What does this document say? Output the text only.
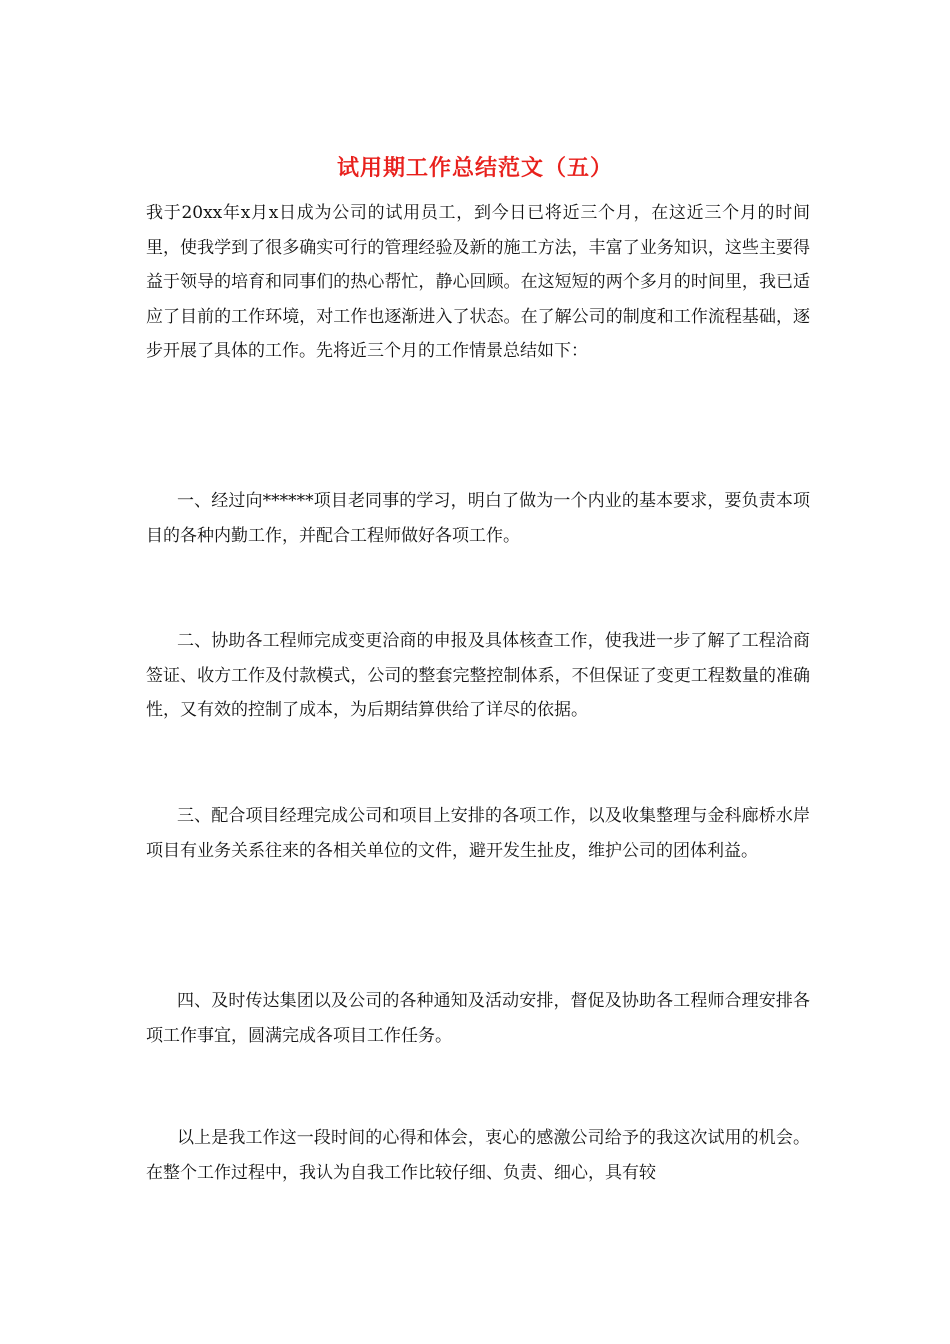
试用期工作总结范文（五）

我于20xx年x月x日成为公司的试用员工，到今日已将近三个月，在这近三个月的时间里，使我学到了很多确实可行的管理经验及新的施工方法，丰富了业务知识，这些主要得益于领导的培育和同事们的热心帮忙，静心回顾。在这短短的两个多月的时间里，我已适应了目前的工作环境，对工作也逐渐进入了状态。在了解公司的制度和工作流程基础，逐步开展了具体的工作。先将近三个月的工作情景总结如下：

一、经过向******项目老同事的学习，明白了做为一个内业的基本要求，要负责本项目的各种内勤工作，并配合工程师做好各项工作。

二、协助各工程师完成变更洽商的申报及具体核查工作，使我进一步了解了工程洽商签证、收方工作及付款模式，公司的整套完整控制体系，不但保证了变更工程数量的准确性，又有效的控制了成本，为后期结算供给了详尽的依据。

三、配合项目经理完成公司和项目上安排的各项工作，以及收集整理与金科廊桥水岸项目有业务关系往来的各相关单位的文件，避开发生扯皮，维护公司的团体利益。

四、及时传达集团以及公司的各种通知及活动安排，督促及协助各工程师合理安排各项工作事宜，圆满完成各项目工作任务。

以上是我工作这一段时间的心得和体会，衷心的感激公司给予的我这次试用的机会。在整个工作过程中，我认为自我工作比较仔细、负责、细心，具有较
